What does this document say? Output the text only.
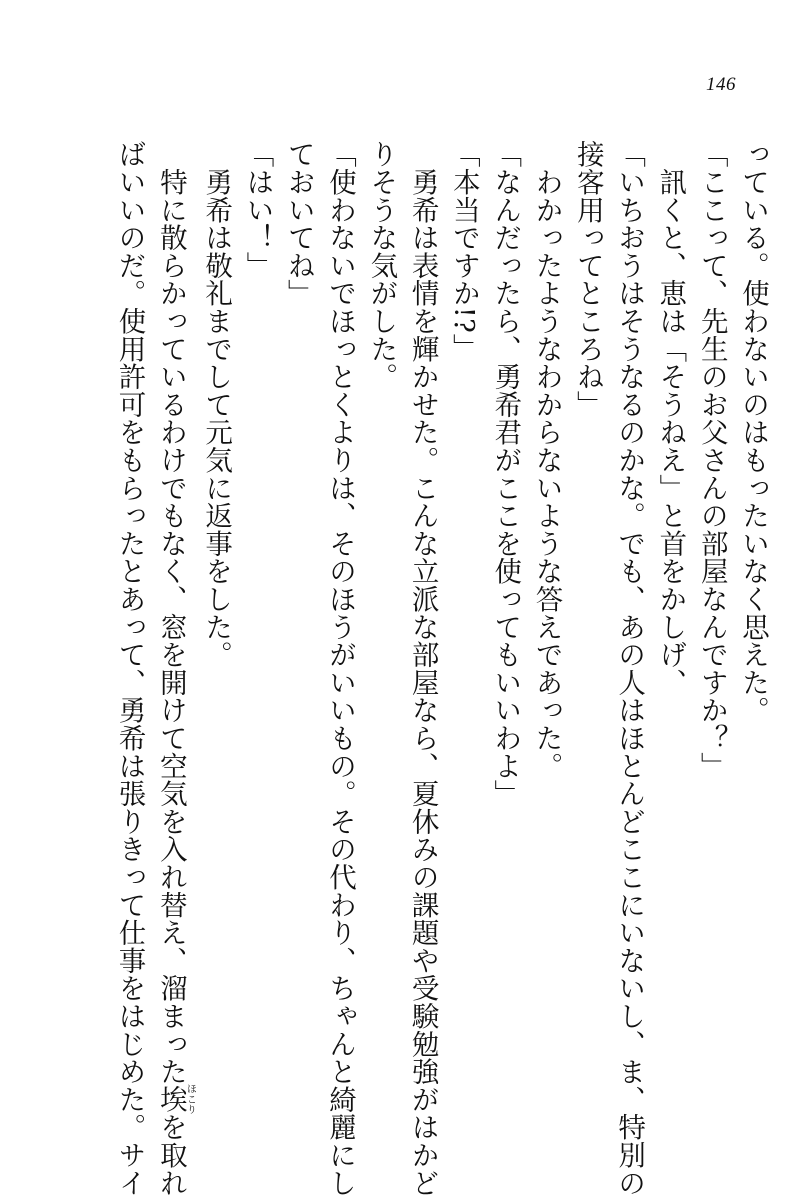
146
っている。使わないのはもったいなく思えた。
「ここって、先生のお父さんの部屋なんですか？」
　訊くと、恵は「そうねえ」と首をかしげ、
「いちおうはそうなるのかな。でも、あの人はほとんどここにいないし、ま、特別の
接客用ってところね」
　わかったようなわからないような答えであった。
「なんだったら、勇希君がここを使ってもいいわよ」
「本当ですか!?」
　勇希は表情を輝かせた。こんな立派な部屋なら、夏休みの課題や受験勉強がはかど
りそうな気がした。
「使わないでほっとくよりは、そのほうがいいもの。その代わり、ちゃんと綺麗にし
ておいてね」
「はい！」
　勇希は敬礼までして元気に返事をした。
　特に散らかっているわけでもなく、窓を開けて空気を入れ替え、溜まった埃ほこりを取れ
ばいいのだ。使用許可をもらったとあって、勇希は張りきって仕事をはじめた。サイ
